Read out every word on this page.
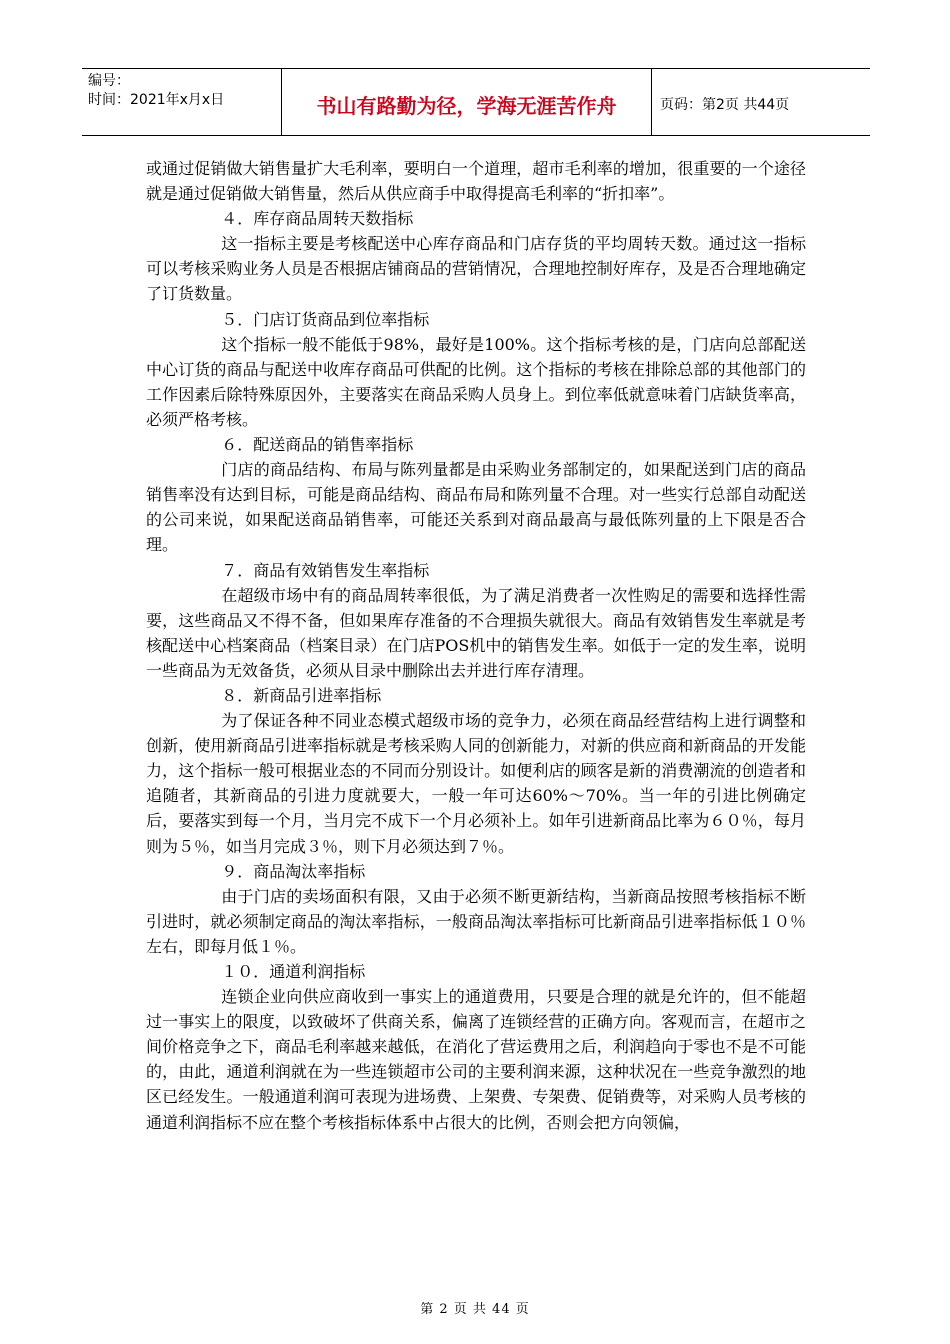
编号：
时间：2021年x月x日	书山有路勤为径，学海无涯苦作舟	页码：第2页 共44页

或通过促销做大销售量扩大毛利率，要明白一个道理，超市毛利率的增加，很重要的一个途径就是通过促销做大销售量，然后从供应商手中取得提高毛利率的“折扣率”。

４．库存商品周转天数指标

这一指标主要是考核配送中心库存商品和门店存货的平均周转天数。通过这一指标可以考核采购业务人员是否根据店铺商品的营销情况，合理地控制好库存，及是否合理地确定了订货数量。

５．门店订货商品到位率指标

这个指标一般不能低于98%，最好是100%。这个指标考核的是，门店向总部配送中心订货的商品与配送中收库存商品可供配的比例。这个指标的考核在排除总部的其他部门的工作因素后除特殊原因外，主要落实在商品采购人员身上。到位率低就意味着门店缺货率高，必须严格考核。

６．配送商品的销售率指标

门店的商品结构、布局与陈列量都是由采购业务部制定的，如果配送到门店的商品销售率没有达到目标，可能是商品结构、商品布局和陈列量不合理。对一些实行总部自动配送的公司来说，如果配送商品销售率，可能还关系到对商品最高与最低陈列量的上下限是否合理。

７．商品有效销售发生率指标

在超级市场中有的商品周转率很低，为了满足消费者一次性购足的需要和选择性需要，这些商品又不得不备，但如果库存准备的不合理损失就很大。商品有效销售发生率就是考核配送中心档案商品（档案目录）在门店POS机中的销售发生率。如低于一定的发生率，说明一些商品为无效备货，必须从目录中删除出去并进行库存清理。

８．新商品引进率指标

为了保证各种不同业态模式超级市场的竞争力，必须在商品经营结构上进行调整和创新，使用新商品引进率指标就是考核采购人同的创新能力，对新的供应商和新商品的开发能力，这个指标一般可根据业态的不同而分别设计。如便利店的顾客是新的消费潮流的创造者和追随者，其新商品的引进力度就要大，一般一年可达60%～70%。当一年的引进比例确定后，要落实到每一个月，当月完不成下一个月必须补上。如年引进新商品比率为６０％，每月则为５％，如当月完成３％，则下月必须达到７％。

９．商品淘汰率指标

由于门店的卖场面积有限，又由于必须不断更新结构，当新商品按照考核指标不断引进时，就必须制定商品的淘汰率指标，一般商品淘汰率指标可比新商品引进率指标低１０％左右，即每月低１％。

１０．通道利润指标

连锁企业向供应商收到一事实上的通道费用，只要是合理的就是允许的，但不能超过一事实上的限度，以致破坏了供商关系，偏离了连锁经营的正确方向。客观而言，在超市之间价格竞争之下，商品毛利率越来越低，在消化了营运费用之后，利润趋向于零也不是不可能的，由此，通道利润就在为一些连锁超市公司的主要利润来源，这种状况在一些竞争激烈的地区已经发生。一般通道利润可表现为进场费、上架费、专架费、促销费等，对采购人员考核的通道利润指标不应在整个考核指标体系中占很大的比例，否则会把方向领偏，

第 2 页 共 44 页
